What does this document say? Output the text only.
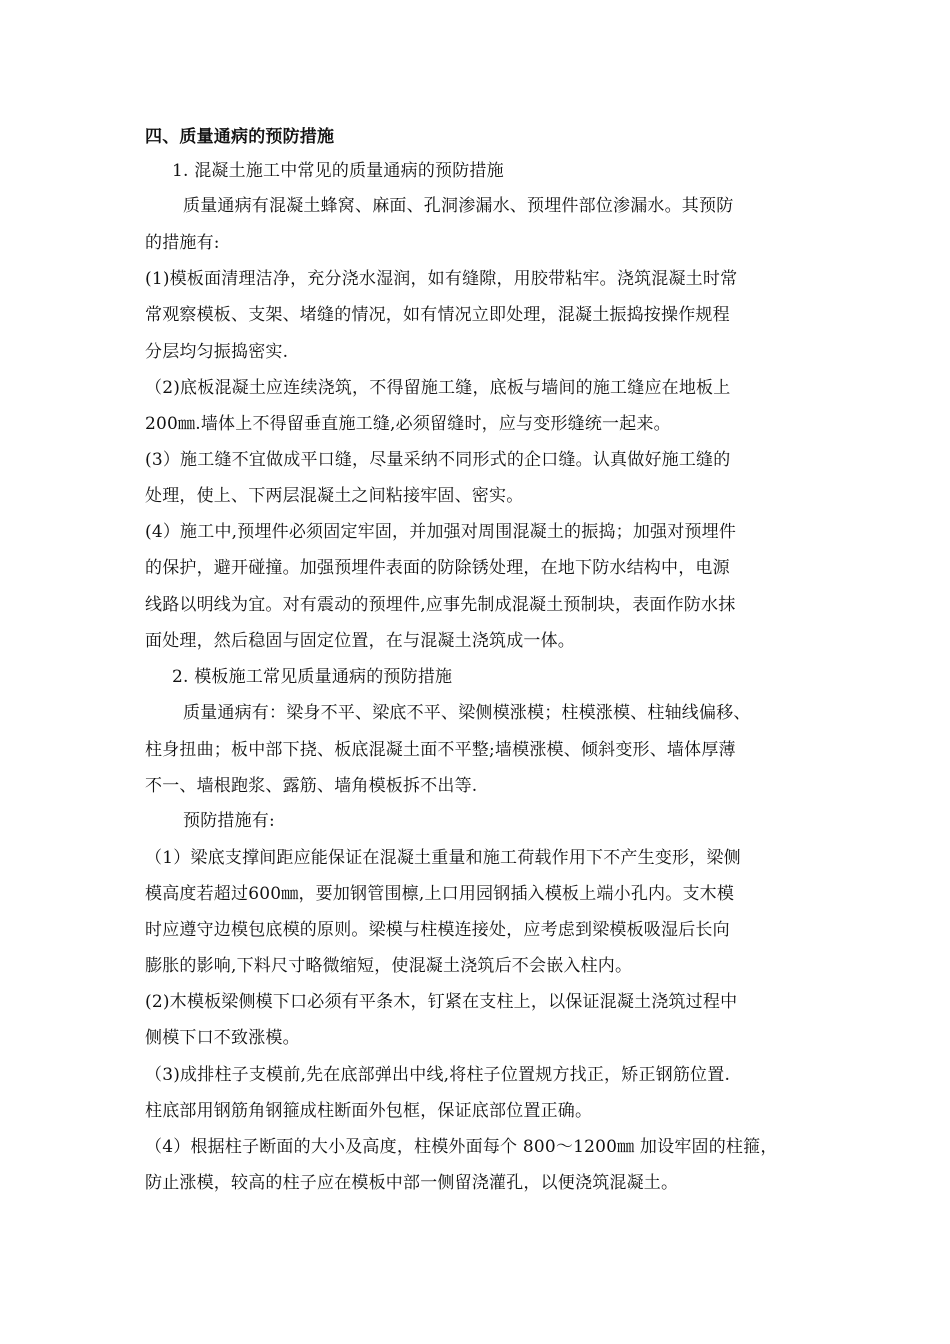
四、质量通病的预防措施
1. 混凝土施工中常见的质量通病的预防措施
质量通病有混凝土蜂窝、麻面、孔洞渗漏水、预埋件部位渗漏水。其预防
的措施有:
(1)模板面清理洁净，充分浇水湿润，如有缝隙，用胶带粘牢。浇筑混凝土时常
常观察模板、支架、堵缝的情况，如有情况立即处理，混凝土振捣按操作规程
分层均匀振捣密实.
（2)底板混凝土应连续浇筑，不得留施工缝，底板与墙间的施工缝应在地板上
200㎜.墙体上不得留垂直施工缝,必须留缝时，应与变形缝统一起来。
(3）施工缝不宜做成平口缝，尽量采纳不同形式的企口缝。认真做好施工缝的
处理，使上、下两层混凝土之间粘接牢固、密实。
(4）施工中,预埋件必须固定牢固，并加强对周围混凝土的振捣；加强对预埋件
的保护，避开碰撞。加强预埋件表面的防除锈处理，在地下防水结构中，电源
线路以明线为宜。对有震动的预埋件,应事先制成混凝土预制块，表面作防水抹
面处理，然后稳固与固定位置，在与混凝土浇筑成一体。
2. 模板施工常见质量通病的预防措施
质量通病有：梁身不平、梁底不平、梁侧模涨模；柱模涨模、柱轴线偏移、
柱身扭曲；板中部下挠、板底混凝土面不平整;墙模涨模、倾斜变形、墙体厚薄
不一、墙根跑浆、露筋、墙角模板拆不出等.
预防措施有:
（1）梁底支撑间距应能保证在混凝土重量和施工荷载作用下不产生变形，梁侧
模高度若超过600㎜，要加钢管围檩,上口用园钢插入模板上端小孔内。支木模
时应遵守边模包底模的原则。梁模与柱模连接处，应考虑到梁模板吸湿后长向
膨胀的影响,下料尺寸略微缩短，使混凝土浇筑后不会嵌入柱内。
(2)木模板梁侧模下口必须有平条木，钉紧在支柱上，以保证混凝土浇筑过程中
侧模下口不致涨模。
（3)成排柱子支模前,先在底部弹出中线,将柱子位置规方找正，矫正钢筋位置.
柱底部用钢筋角钢箍成柱断面外包框，保证底部位置正确。
（4）根据柱子断面的大小及高度，柱模外面每个 800～1200㎜ 加设牢固的柱箍，
防止涨模，较高的柱子应在模板中部一侧留浇灌孔，以便浇筑混凝土。
